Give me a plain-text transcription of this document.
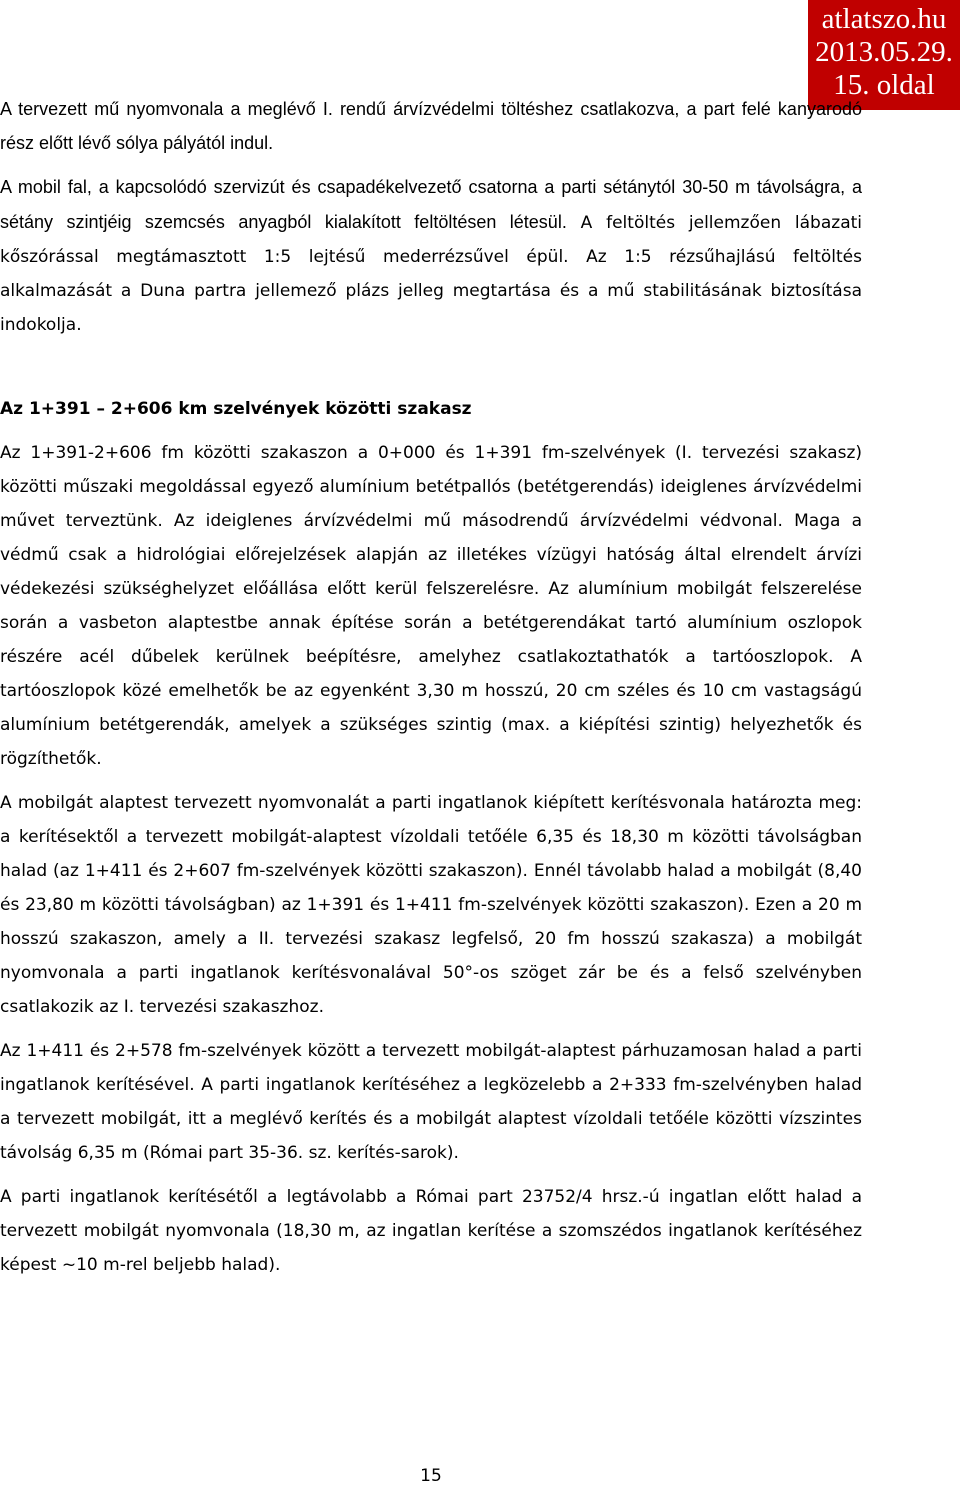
atlatszo.hu
2013.05.29.
15. oldal

A tervezett mű nyomvonala a meglévő I. rendű árvízvédelmi töltéshez csatlakozva, a part felé kanyarodó rész előtt lévő sólya pályától indul.

A mobil fal, a kapcsolódó szervizút és csapadékelvezető csatorna a parti sétánytól 30-50 m távolságra, a sétány szintjéig szemcsés anyagból kialakított feltöltésen létesül. A feltöltés jellemzően lábazati kőszórással megtámasztott 1:5 lejtésű mederrézsűvel épül. Az 1:5 rézsűhajlású feltöltés alkalmazását a Duna partra jellemező plázs jelleg megtartása és a mű stabilitásának biztosítása indokolja.

Az 1+391 – 2+606 km szelvények közötti szakasz

Az 1+391-2+606 fm közötti szakaszon a 0+000 és 1+391 fm-szelvények (I. tervezési szakasz) közötti műszaki megoldással egyező alumínium betétpallós (betétgerendás) ideiglenes árvízvédelmi művet terveztünk. Az ideiglenes árvízvédelmi mű másodrendű árvízvédelmi védvonal. Maga a védmű csak a hidrológiai előrejelzések alapján az illetékes vízügyi hatóság által elrendelt árvízi védekezési szükséghelyzet előállása előtt kerül felszerelésre. Az alumínium mobilgát felszerelése során a vasbeton alaptestbe annak építése során a betétgerendákat tartó alumínium oszlopok részére acél dűbelek kerülnek beépítésre, amelyhez csatlakoztathatók a tartóoszlopok. A tartóoszlopok közé emelhetők be az egyenként 3,30 m hosszú, 20 cm széles és 10 cm vastagságú alumínium betétgerendák, amelyek a szükséges szintig (max. a kiépítési szintig) helyezhetők és rögzíthetők.

A mobilgát alaptest tervezett nyomvonalát a parti ingatlanok kiépített kerítésvonala határozta meg: a kerítésektől a tervezett mobilgát-alaptest vízoldali tetőéle 6,35 és 18,30 m közötti távolságban halad (az 1+411 és 2+607 fm-szelvények közötti szakaszon). Ennél távolabb halad a mobilgát (8,40 és 23,80 m közötti távolságban) az 1+391 és 1+411 fm-szelvények közötti szakaszon). Ezen a 20 m hosszú szakaszon, amely a II. tervezési szakasz legfelső, 20 fm hosszú szakasza) a mobilgát nyomvonala a parti ingatlanok kerítésvonalával 50°-os szöget zár be és a felső szelvényben csatlakozik az I. tervezési szakaszhoz.

Az 1+411 és 2+578 fm-szelvények között a tervezett mobilgát-alaptest párhuzamosan halad a parti ingatlanok kerítésével. A parti ingatlanok kerítéséhez a legközelebb a 2+333 fm-szelvényben halad a tervezett mobilgát, itt a meglévő kerítés és a mobilgát alaptest vízoldali tetőéle közötti vízszintes távolság 6,35 m (Római part 35-36. sz. kerítés-sarok).

A parti ingatlanok kerítésétől a legtávolabb a Római part 23752/4 hrsz.-ú ingatlan előtt halad a tervezett mobilgát nyomvonala (18,30 m, az ingatlan kerítése a szomszédos ingatlanok kerítéséhez képest ~10 m-rel beljebb halad).

15
